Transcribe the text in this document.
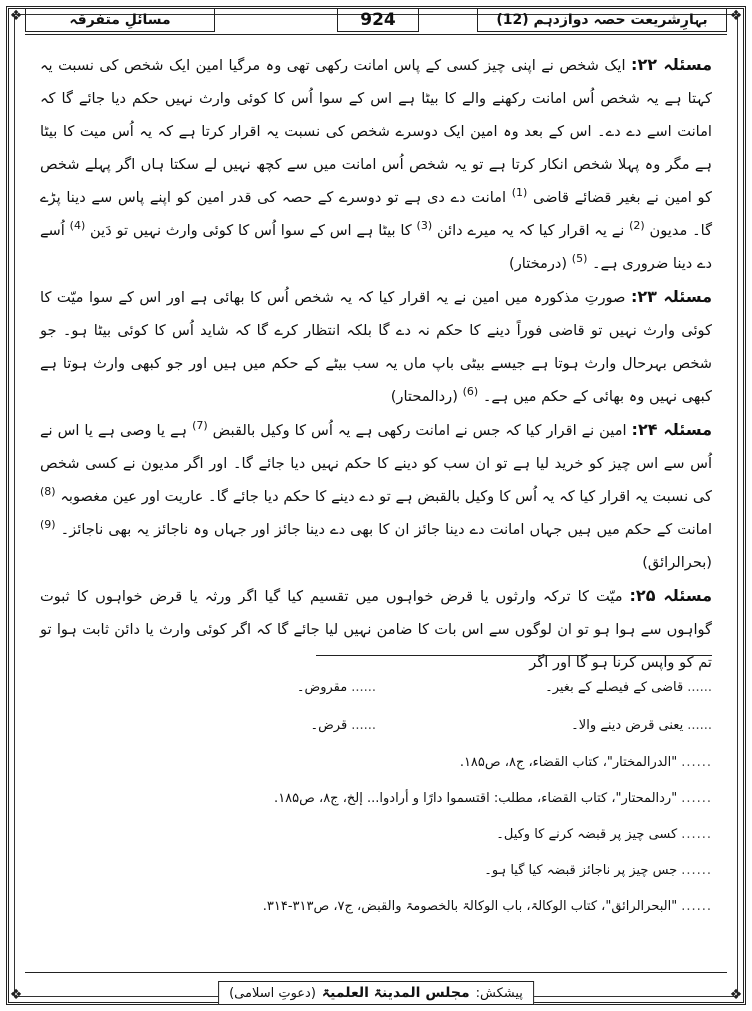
❖	❖
❖	❖
مسائلِ متفرقہ	924	بہارِشریعت حصہ دوازدہم (12)

مسئلہ ۲۲: ایک شخص نے اپنی چیز کسی کے پاس امانت رکھی تھی وہ مرگیا امین ایک شخص کی نسبت یہ کہتا ہے یہ شخص اُس امانت رکھنے والے کا بیٹا ہے اس کے سوا اُس کا کوئی وارث نہیں حکم دیا جائے گا کہ امانت اسے دے دے۔ اس کے بعد وہ امین ایک دوسرے شخص کی نسبت یہ اقرار کرتا ہے کہ یہ اُس میت کا بیٹا ہے مگر وہ پہلا شخص انکار کرتا ہے تو یہ شخص اُس امانت میں سے کچھ نہیں لے سکتا ہاں اگر پہلے شخص کو امین نے بغیر قضائے قاضی $^{(1)}$ امانت دے دی ہے تو دوسرے کے حصہ کی قدر امین کو اپنے پاس سے دینا پڑے گا۔ مدیون $^{(2)}$ نے یہ اقرار کیا کہ یہ میرے دائن $^{(3)}$ کا بیٹا ہے اس کے سوا اُس کا کوئی وارث نہیں تو دَین $^{(4)}$ اُسے دے دینا ضروری ہے۔ $^{(5)}$ (درمختار)

مسئلہ ۲۳: صورتِ مذکورہ میں امین نے یہ اقرار کیا کہ یہ شخص اُس کا بھائی ہے اور اس کے سوا میّت کا کوئی وارث نہیں تو قاضی فوراً دینے کا حکم نہ دے گا بلکہ انتظار کرے گا کہ شاید اُس کا کوئی بیٹا ہو۔ جو شخص بہرحال وارث ہوتا ہے جیسے بیٹی باپ ماں یہ سب بیٹے کے حکم میں ہیں اور جو کبھی وارث ہوتا ہے کبھی نہیں وہ بھائی کے حکم میں ہے۔ $^{(6)}$ (ردالمحتار)

مسئلہ ۲۴: امین نے اقرار کیا کہ جس نے امانت رکھی ہے یہ اُس کا وکیل بالقبض $^{(7)}$ ہے یا وصی ہے یا اس نے اُس سے اس چیز کو خرید لیا ہے تو ان سب کو دینے کا حکم نہیں دیا جائے گا۔ اور اگر مدیون نے کسی شخص کی نسبت یہ اقرار کیا کہ یہ اُس کا وکیل بالقبض ہے تو دے دینے کا حکم دیا جائے گا۔ عاریت اور عین مغصوبہ $^{(8)}$ امانت کے حکم میں ہیں جہاں امانت دے دینا جائز ان کا بھی دے دینا جائز اور جہاں وہ ناجائز یہ بھی ناجائز۔ $^{(9)}$ (بحرالرائق)

مسئلہ ۲۵: میّت کا ترکہ وارثوں یا قرض خواہوں میں تقسیم کیا گیا اگر ورثہ یا قرض خواہوں کا ثبوت گواہوں سے ہوا ہو تو ان لوگوں سے اس بات کا ضامن نہیں لیا جائے گا کہ اگر کوئی وارث یا دائن ثابت ہوا تو تم کو واپس کرنا ہو گا اور اگر

......قاضی کے فیصلے کے بغیر۔
......مقروض۔
......یعنی قرض دینے والا۔
......قرض۔
......
"الدرالمختار"، کتاب القضاء، ج۸، ص۱۸۵.
......
"ردالمحتار"، کتاب القضاء، مطلب: اقتسموا دارًا و أرادوا... إلخ، ج۸، ص۱۸۵.
......
کسی چیز پر قبضہ کرنے کا وکیل۔
......
جس چیز پر ناجائز قبضہ کیا گیا ہو۔
......
"البحرالرائق"، کتاب الوکالۃ، باب الوکالۃ بالخصومۃ والقبض، ج۷، ص۳۱۳-۳۱۴.
پیشکش:
مجلس المدینۃ العلمیۃ
(دعوتِ اسلامی)
